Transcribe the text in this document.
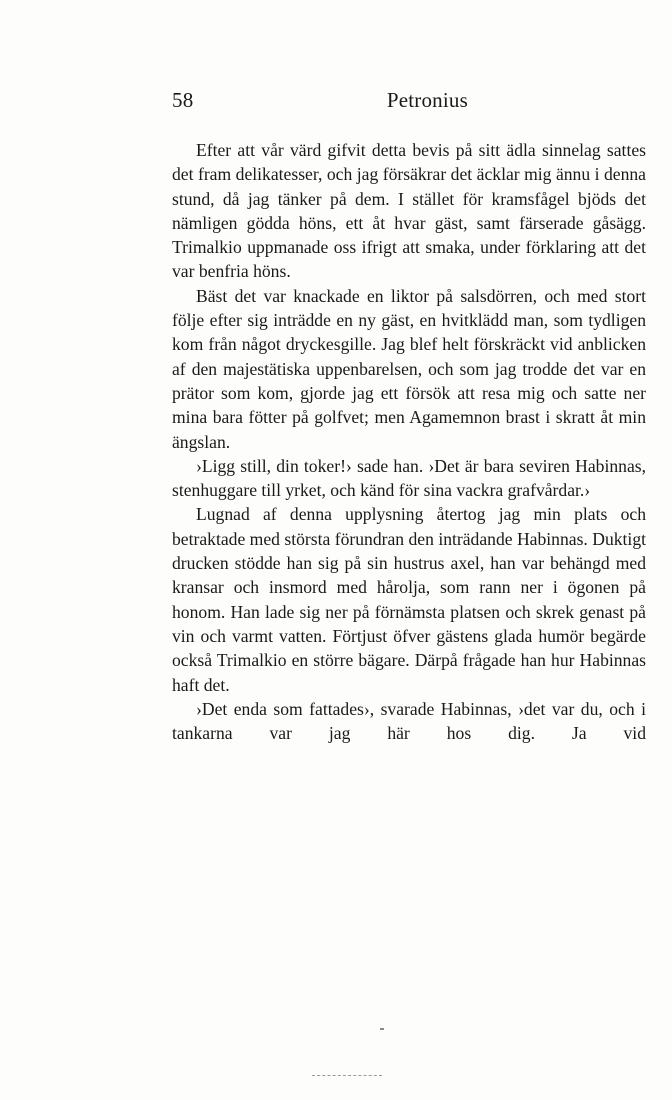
58	Petronius

Efter att vår värd gifvit detta bevis på sitt ädla sinnelag sattes det fram delikatesser, och jag försäkrar det äcklar mig ännu i denna stund, då jag tänker på dem. I stället för kramsfågel bjöds det nämligen gödda höns, ett åt hvar gäst, samt färserade gåsägg. Trimalkio uppmanade oss ifrigt att smaka, under förklaring att det var benfria höns.

Bäst det var knackade en liktor på salsdörren, och med stort följe efter sig inträdde en ny gäst, en hvitklädd man, som tydligen kom från något dryckesgille. Jag blef helt förskräckt vid anblicken af den majestätiska uppenbarelsen, och som jag trodde det var en prätor som kom, gjorde jag ett försök att resa mig och satte ner mina bara fötter på golfvet; men Agamemnon brast i skratt åt min ängslan.

›Ligg still, din toker!› sade han. ›Det är bara seviren Habinnas, stenhuggare till yrket, och känd för sina vackra grafvårdar.›

Lugnad af denna upplysning återtog jag min plats och betraktade med största förundran den inträdande Habinnas. Duktigt drucken stödde han sig på sin hustrus axel, han var behängd med kransar och insmord med hårolja, som rann ner i ögonen på honom. Han lade sig ner på förnämsta platsen och skrek genast på vin och varmt vatten. Förtjust öfver gästens glada humör begärde också Trimalkio en större bägare. Därpå frågade han hur Habinnas haft det.

›Det enda som fattades›, svarade Habinnas, ›det var du, och i tankarna var jag här hos dig. Ja vid
